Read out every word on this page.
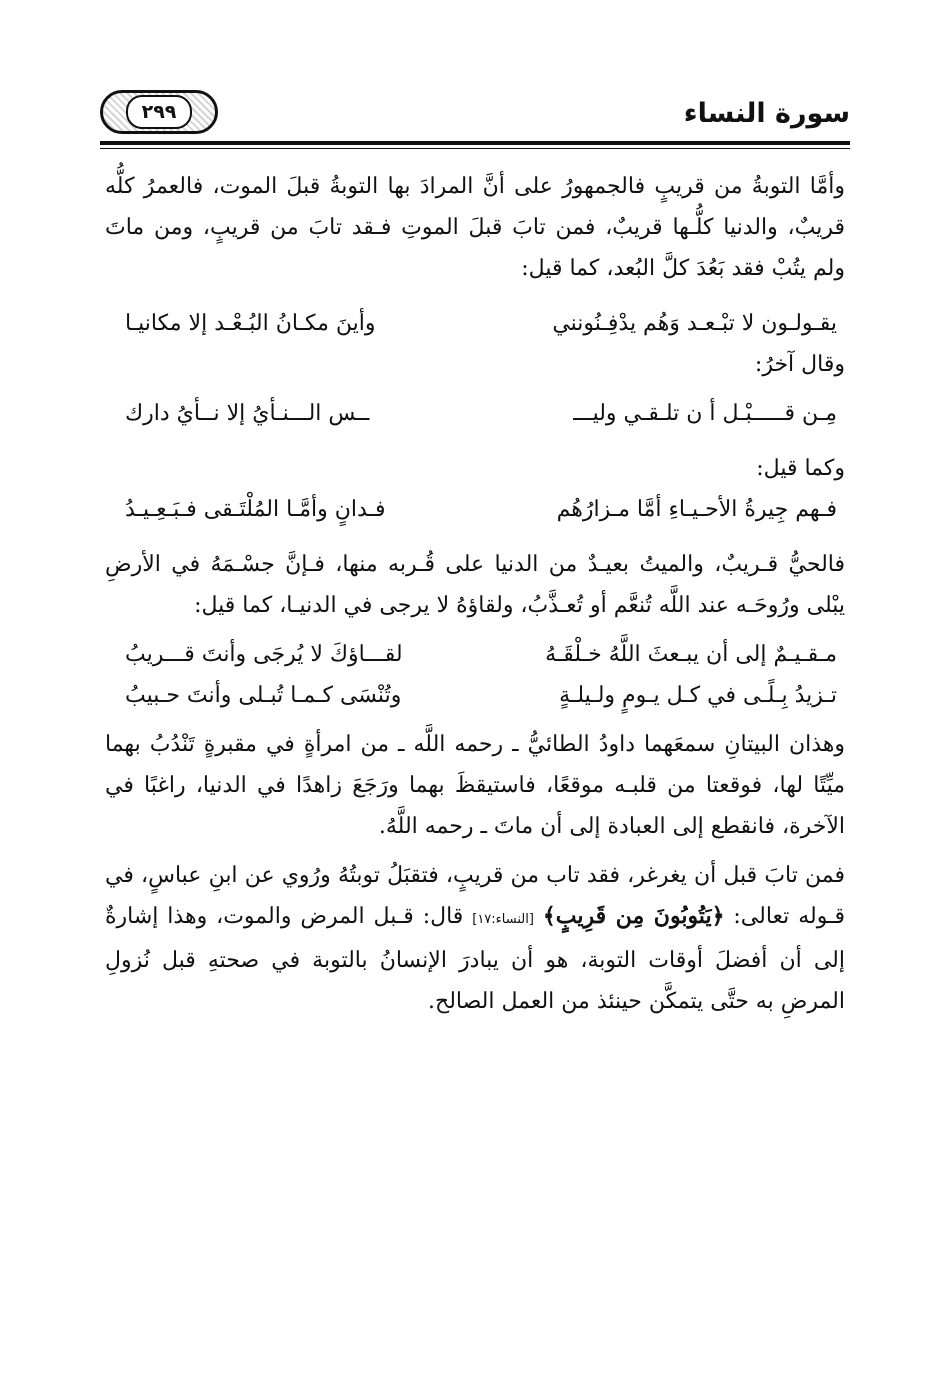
سورة النساء
٢٩٩

وأمَّا التوبةُ من قريبٍ فالجمهورُ على أنَّ المرادَ بها التوبةُ قبلَ الموت، فالعمرُ كلُّه قريبٌ، والدنيا كلُّـها قريبٌ، فمن تابَ قبلَ الموتِ فـقد تابَ من قريبٍ، ومن ماتَ ولم يتُبْ فقد بَعُدَ كلَّ البُعد، كما قيل:

يقـولـون لا تبْـعـد وَهُم يدْفِـنُونني
وأينَ مكـانُ البُـعْـد إلا مكانيـا

وقال آخرُ:

مِـن قـــــبْـل أ ن تلـقـي وليـــ
ــس الـــنـأيُ إلا نــأيُ دارك

وكما قيل:

فـهم جِيرةُ الأحـيـاءِ أمَّا مـزارُهُم
فـدانٍ وأمَّـا المُلْتَـقى فـبَـعِـيـدُ

فالحيُّ قـريبٌ، والميتُ بعيـدٌ من الدنيا على قُـربه منها، فـإنَّ جسْـمَهُ في الأرضِ يبْلى ورُوحَـه عند اللَّه تُنعَّم أو تُعـذَّبُ، ولقاؤهُ لا يرجى في الدنيـا، كما قيل:

مـقـيـمٌ إلى أن يبـعثَ اللَّهُ خـلْقَـهُ
لقـــاؤكَ لا يُرجَى وأنتَ قـــريبُ
تـزيدُ بِـلًـى في كـل يـومٍ ولـيلـةٍ
وتُنْسَى كـمـا تُبـلى وأنتَ حـبيبُ

وهذان البيتانِ سمعَهما داودُ الطائيُّ ـ رحمه اللَّه ـ من امرأةٍ في مقبرةٍ تَنْدُبُ بهما ميِّتًا لها، فوقعتا من قلبـه موقعًا، فاستيقظَ بهما ورَجَعَ زاهدًا في الدنيا، راغبًا في الآخرة، فانقطع إلى العبادة إلى أن ماتَ ـ رحمه اللَّهُ.

فمن تابَ قبل أن يغرغر، فقد تاب من قريبٍ، فتقبَلُ توبتُهُ ورُوي عن ابنِ عباسٍ، في قـوله تعالى: ﴿يَتُوبُونَ مِن قَرِيبٍ﴾ [النساء:١٧] قال: قـبل المرض والموت، وهذا إشارةٌ إلى أن أفضلَ أوقات التوبة، هو أن يبادرَ الإنسانُ بالتوبة في صحتهِ قبل نُزولِ المرضِ به حتَّى يتمكَّن حينئذ من العمل الصالح.
